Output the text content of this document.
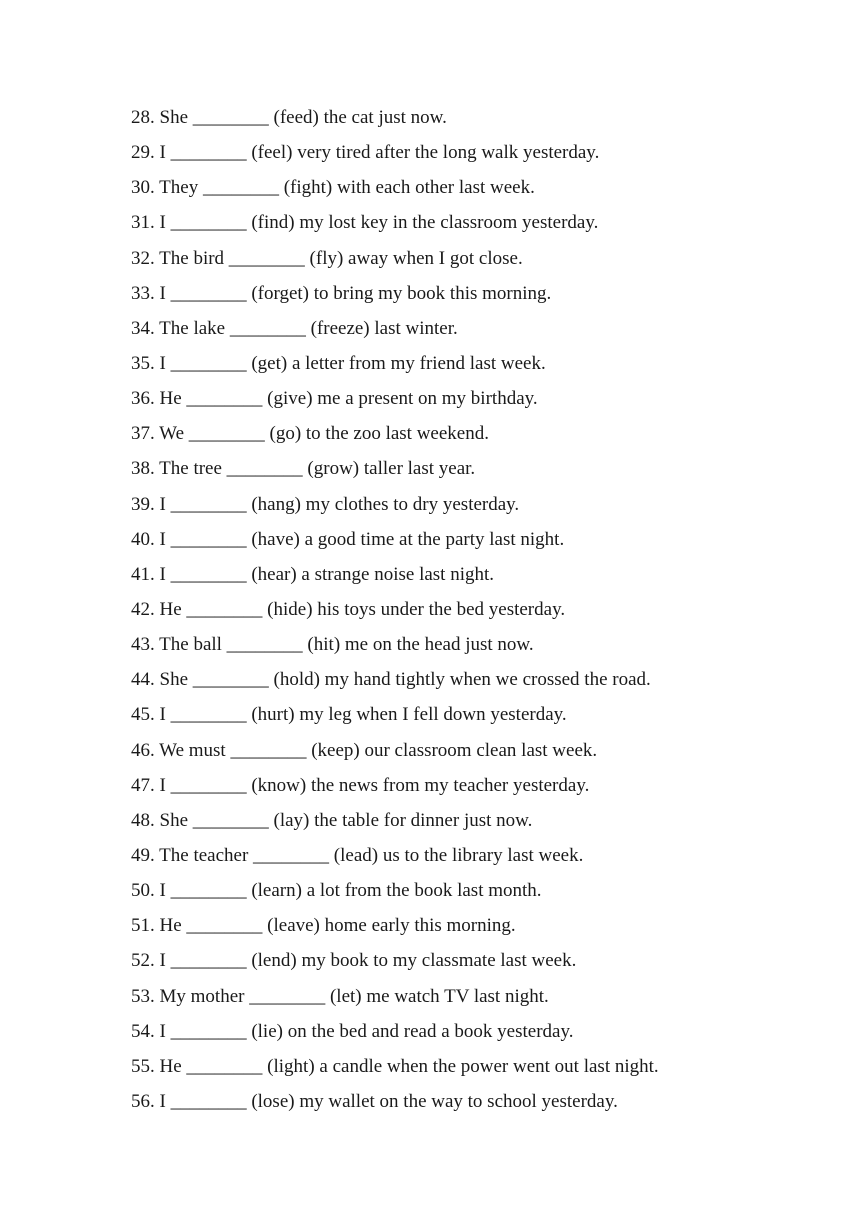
28. She ________ (feed) the cat just now.
29. I ________ (feel) very tired after the long walk yesterday.
30. They ________ (fight) with each other last week.
31. I ________ (find) my lost key in the classroom yesterday.
32. The bird ________ (fly) away when I got close.
33. I ________ (forget) to bring my book this morning.
34. The lake ________ (freeze) last winter.
35. I ________ (get) a letter from my friend last week.
36. He ________ (give) me a present on my birthday.
37. We ________ (go) to the zoo last weekend.
38. The tree ________ (grow) taller last year.
39. I ________ (hang) my clothes to dry yesterday.
40. I ________ (have) a good time at the party last night.
41. I ________ (hear) a strange noise last night.
42. He ________ (hide) his toys under the bed yesterday.
43. The ball ________ (hit) me on the head just now.
44. She ________ (hold) my hand tightly when we crossed the road.
45. I ________ (hurt) my leg when I fell down yesterday.
46. We must ________ (keep) our classroom clean last week.
47. I ________ (know) the news from my teacher yesterday.
48. She ________ (lay) the table for dinner just now.
49. The teacher ________ (lead) us to the library last week.
50. I ________ (learn) a lot from the book last month.
51. He ________ (leave) home early this morning.
52. I ________ (lend) my book to my classmate last week.
53. My mother ________ (let) me watch TV last night.
54. I ________ (lie) on the bed and read a book yesterday.
55. He ________ (light) a candle when the power went out last night.
56. I ________ (lose) my wallet on the way to school yesterday.
